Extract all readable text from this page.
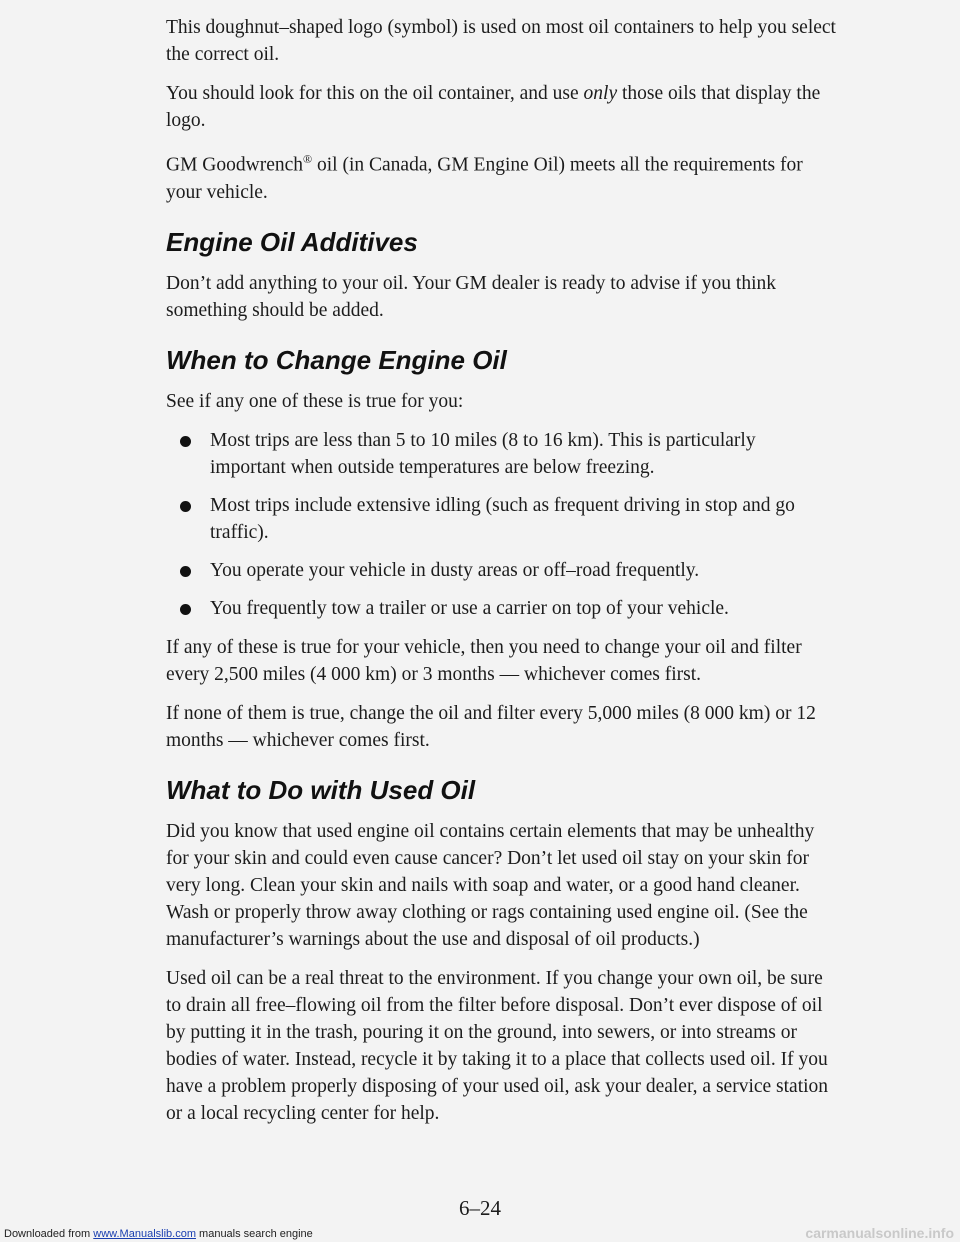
This doughnut–shaped logo (symbol) is used on most oil containers to help you select the correct oil.

You should look for this on the oil container, and use only those oils that display the logo.

GM Goodwrench® oil (in Canada, GM Engine Oil) meets all the requirements for your vehicle.

Engine Oil Additives

Don’t add anything to your oil. Your GM dealer is ready to advise if you think something should be added.

When to Change Engine Oil

See if any one of these is true for you:

Most trips are less than 5 to 10 miles (8 to 16 km). This is particularly important when outside temperatures are below freezing.
Most trips include extensive idling (such as frequent driving in stop and go traffic).
You operate your vehicle in dusty areas or off–road frequently.
You frequently tow a trailer or use a carrier on top of your vehicle.

If any of these is true for your vehicle, then you need to change your oil and filter every 2,500 miles (4 000 km) or 3 months — whichever comes first.

If none of them is true, change the oil and filter every 5,000 miles (8 000 km) or 12 months — whichever comes first.

What to Do with Used Oil

Did you know that used engine oil contains certain elements that may be unhealthy for your skin and could even cause cancer? Don’t let used oil stay on your skin for very long. Clean your skin and nails with soap and water, or a good hand cleaner. Wash or properly throw away clothing or rags containing used engine oil. (See the manufacturer’s warnings about the use and disposal of oil products.)

Used oil can be a real threat to the environment. If you change your own oil, be sure to drain all free–flowing oil from the filter before disposal. Don’t ever dispose of oil by putting it in the trash, pouring it on the ground, into sewers, or into streams or bodies of water. Instead, recycle it by taking it to a place that collects used oil. If you have a problem properly disposing of your used oil, ask your dealer, a service station or a local recycling center for help.

6–24
Downloaded from www.Manualslib.com manuals search engine	carmanualsonline.info
